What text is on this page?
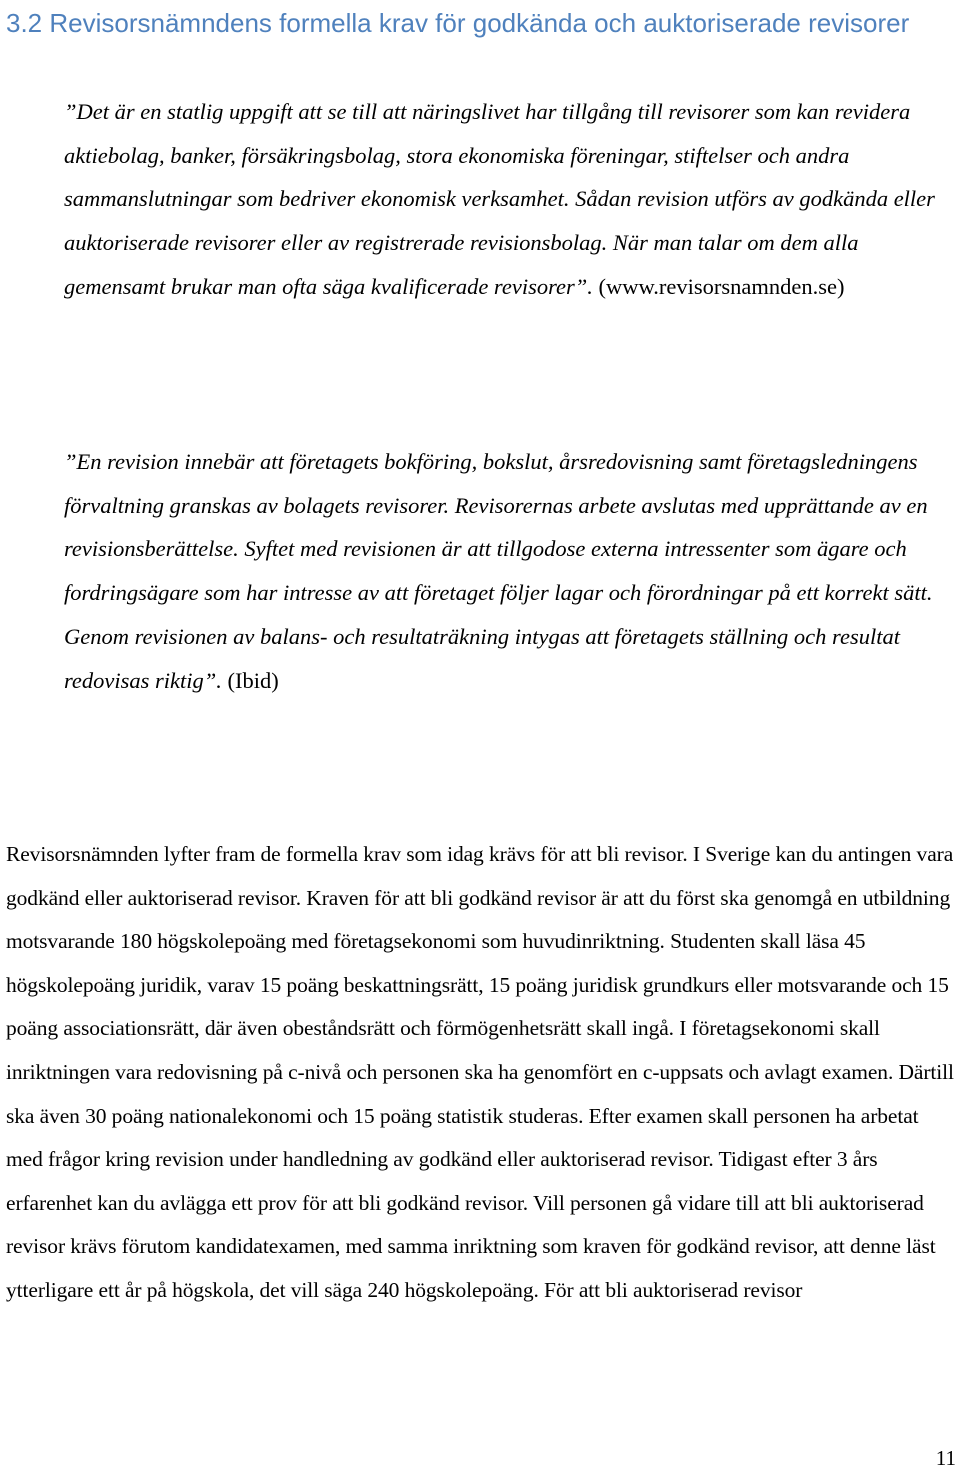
3.2 Revisorsnämndens formella krav för godkända och auktoriserade revisorer

”Det är en statlig uppgift att se till att näringslivet har tillgång till revisorer som kan revidera aktiebolag, banker, försäkringsbolag, stora ekonomiska föreningar, stiftelser och andra sammanslutningar som bedriver ekonomisk verksamhet. Sådan revision utförs av godkända eller auktoriserade revisorer eller av registrerade revisionsbolag. När man talar om dem alla gemensamt brukar man ofta säga kvalificerade revisorer”. (www.revisorsnamnden.se)

”En revision innebär att företagets bokföring, bokslut, årsredovisning samt företagsledningens förvaltning granskas av bolagets revisorer. Revisorernas arbete avslutas med upprättande av en revisionsberättelse. Syftet med revisionen är att tillgodose externa intressenter som ägare och fordringsägare som har intresse av att företaget följer lagar och förordningar på ett korrekt sätt. Genom revisionen av balans- och resultaträkning intygas att företagets ställning och resultat redovisas riktig”. (Ibid)

Revisorsnämnden lyfter fram de formella krav som idag krävs för att bli revisor. I Sverige kan du antingen vara godkänd eller auktoriserad revisor. Kraven för att bli godkänd revisor är att du först ska genomgå en utbildning motsvarande 180 högskolepoäng med företagsekonomi som huvudinriktning. Studenten skall läsa 45 högskolepoäng juridik, varav 15 poäng beskattningsrätt, 15 poäng juridisk grundkurs eller motsvarande och 15 poäng associationsrätt, där även obeståndsrätt och förmögenhetsrätt skall ingå. I företagsekonomi skall inriktningen vara redovisning på c-nivå och personen ska ha genomfört en c-uppsats och avlagt examen. Därtill ska även 30 poäng nationalekonomi och 15 poäng statistik studeras. Efter examen skall personen ha arbetat med frågor kring revision under handledning av godkänd eller auktoriserad revisor. Tidigast efter 3 års erfarenhet kan du avlägga ett prov för att bli godkänd revisor. Vill personen gå vidare till att bli auktoriserad revisor krävs förutom kandidatexamen, med samma inriktning som kraven för godkänd revisor, att denne läst ytterligare ett år på högskola, det vill säga 240 högskolepoäng. För att bli auktoriserad revisor

11
